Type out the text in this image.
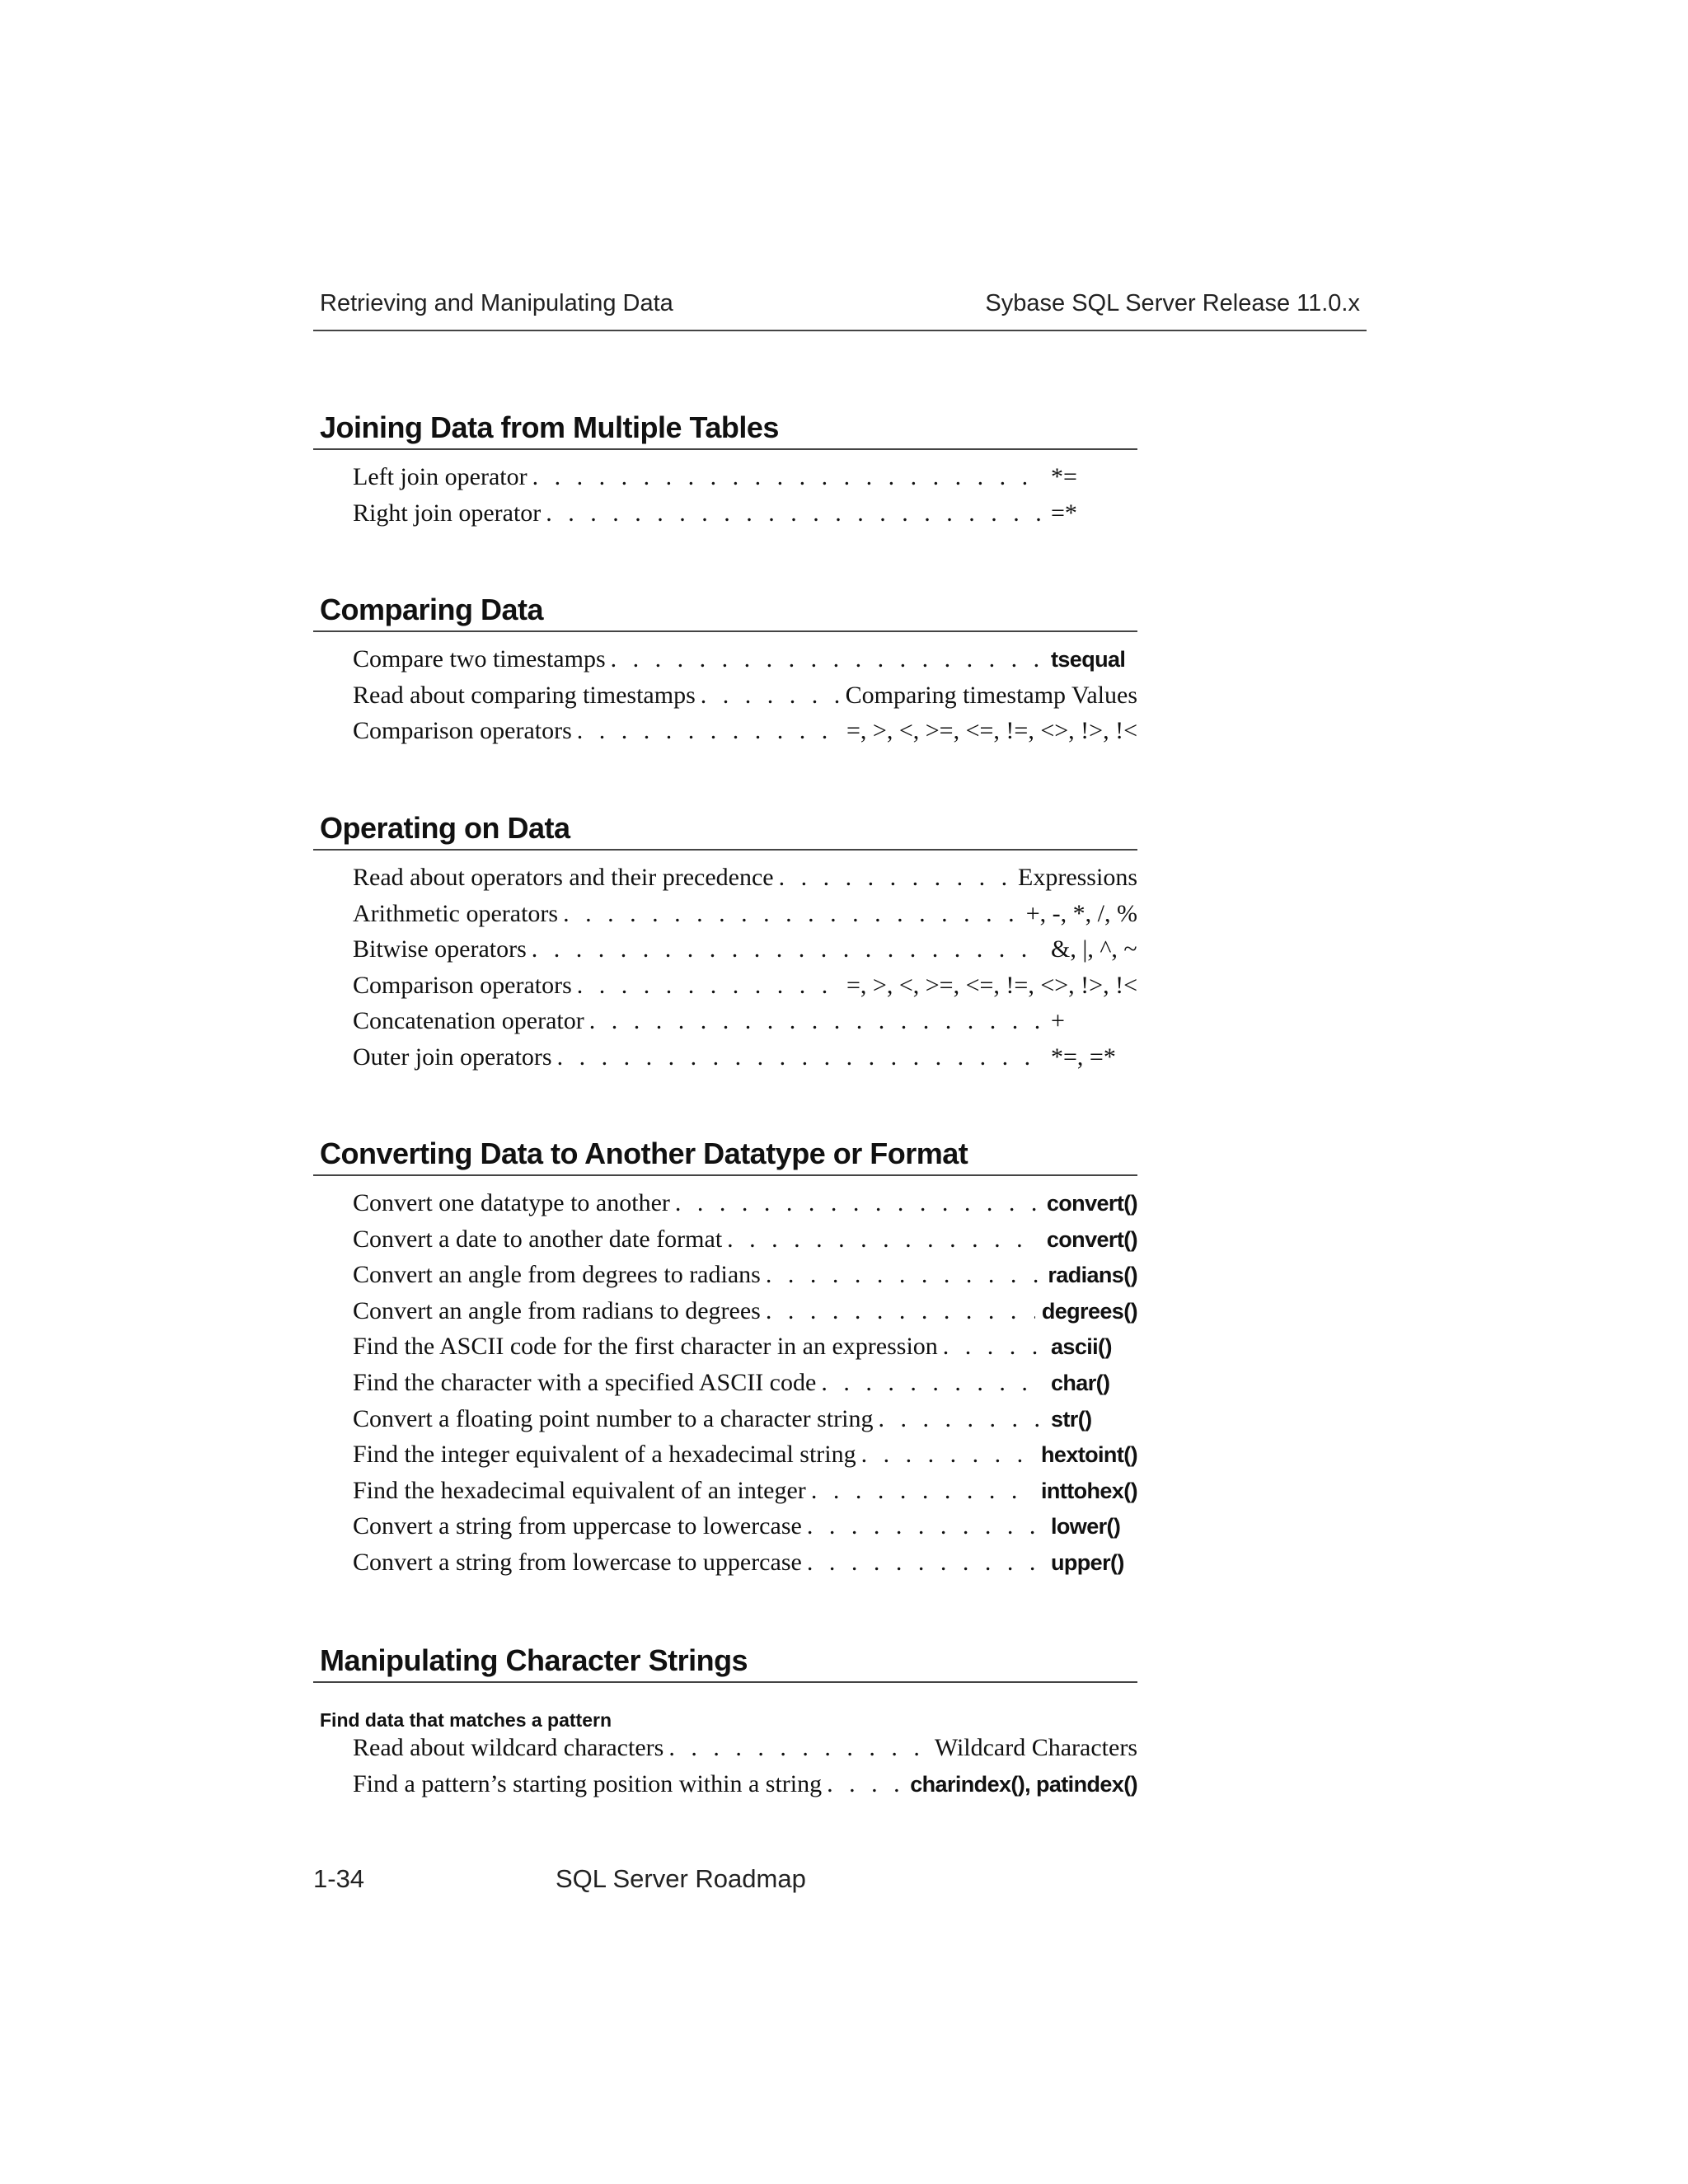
Retrieving and Manipulating Data	Sybase SQL Server Release 11.0.x
Joining Data from Multiple Tables
Left join operator . . .	*=
Right join operator . . .	=*
Comparing Data
Compare two timestamps . . .	tsequal
Read about comparing timestamps . . .	Comparing timestamp Values
Comparison operators . . .	=, >, <, >=, <=, !=, <>, !>, !<
Operating on Data
Read about operators and their precedence . . .	Expressions
Arithmetic operators . . .	+, -, *, /, %
Bitwise operators . . .	&, |, ^, ~
Comparison operators . . .	=, >, <, >=, <=, !=, <>, !>, !<
Concatenation operator . . .	+
Outer join operators . . .	*=, =*
Converting Data to Another Datatype or Format
Convert one datatype to another . . .	convert()
Convert a date to another date format . . .	convert()
Convert an angle from degrees to radians . . .	radians()
Convert an angle from radians to degrees . . .	degrees()
Find the ASCII code for the first character in an expression . . .	ascii()
Find the character with a specified ASCII code . . .	char()
Convert a floating point number to a character string . . .	str()
Find the integer equivalent of a hexadecimal string . . .	hextoint()
Find the hexadecimal equivalent of an integer . . .	inttohex()
Convert a string from uppercase to lowercase . . .	lower()
Convert a string from lowercase to uppercase . . .	upper()
Manipulating Character Strings
Find data that matches a pattern
Read about wildcard characters . . .	Wildcard Characters
Find a pattern’s starting position within a string . . .	charindex(), patindex()
1-34	SQL Server Roadmap
